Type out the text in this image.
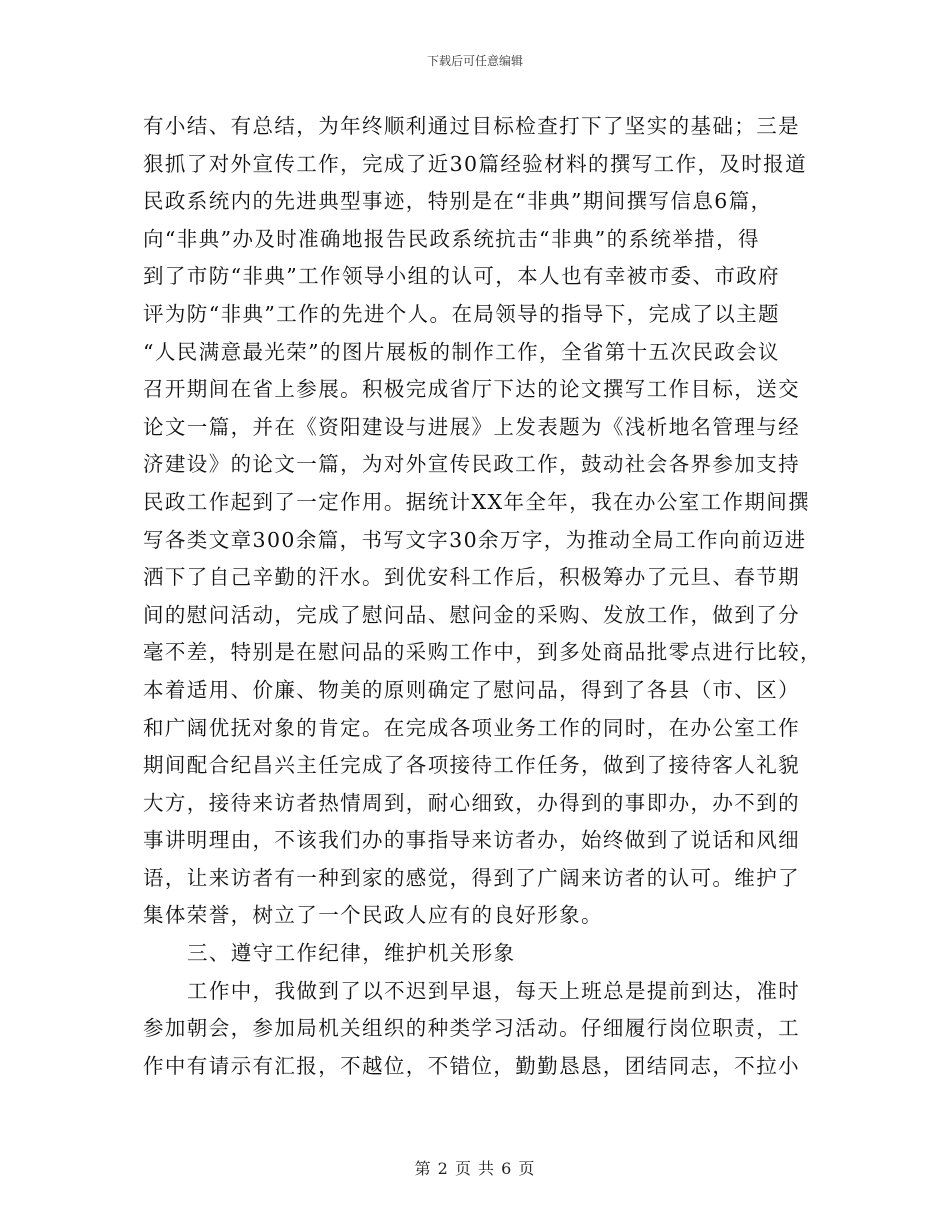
下载后可任意编辑
有小结、有总结，为年终顺利通过目标检查打下了坚实的基础；三是
狠抓了对外宣传工作，完成了近30篇经验材料的撰写工作，及时报道
民政系统内的先进典型事迹，特别是在“非典”期间撰写信息6篇，
向“非典”办及时准确地报告民政系统抗击“非典”的系统举措，得
到了市防“非典”工作领导小组的认可，本人也有幸被市委、市政府
评为防“非典”工作的先进个人。在局领导的指导下，完成了以主题
“人民满意最光荣”的图片展板的制作工作，全省第十五次民政会议
召开期间在省上参展。积极完成省厅下达的论文撰写工作目标，送交
论文一篇，并在《资阳建设与进展》上发表题为《浅析地名管理与经
济建设》的论文一篇，为对外宣传民政工作，鼓动社会各界参加支持
民政工作起到了一定作用。据统计XX年全年，我在办公室工作期间撰
写各类文章300余篇，书写文字30余万字，为推动全局工作向前迈进
洒下了自己辛勤的汗水。到优安科工作后，积极筹办了元旦、春节期
间的慰问活动，完成了慰问品、慰问金的采购、发放工作，做到了分
毫不差，特别是在慰问品的采购工作中，到多处商品批零点进行比较，
本着适用、价廉、物美的原则确定了慰问品，得到了各县（市、区）
和广阔优抚对象的肯定。在完成各项业务工作的同时，在办公室工作
期间配合纪昌兴主任完成了各项接待工作任务，做到了接待客人礼貌
大方，接待来访者热情周到，耐心细致，办得到的事即办，办不到的
事讲明理由，不该我们办的事指导来访者办，始终做到了说话和风细
语，让来访者有一种到家的感觉，得到了广阔来访者的认可。维护了
集体荣誉，树立了一个民政人应有的良好形象。
三、遵守工作纪律，维护机关形象
工作中，我做到了以不迟到早退，每天上班总是提前到达，准时
参加朝会，参加局机关组织的种类学习活动。仔细履行岗位职责，工
作中有请示有汇报，不越位，不错位，勤勤恳恳，团结同志，不拉小
第 2 页 共 6 页
